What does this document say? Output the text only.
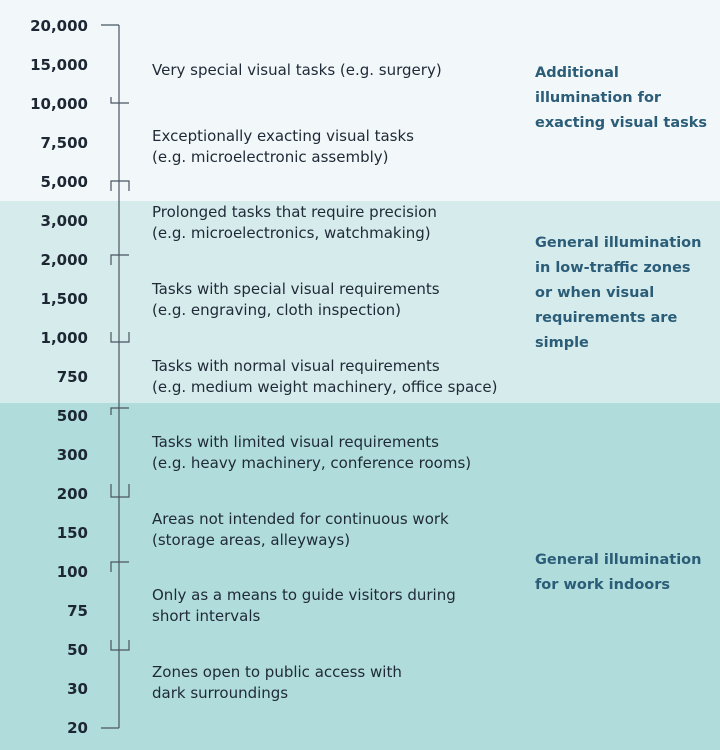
20,000
15,000
10,000
7,500
5,000
3,000
2,000
1,500
1,000
750
500
300
200
150
100
75
50
30
20
Very special visual tasks (e.g. surgery)
Exceptionally exacting visual tasks
(e.g. microelectronic assembly)
Prolonged tasks that require precision
(e.g. microelectronics, watchmaking)
Tasks with special visual requirements
(e.g. engraving, cloth inspection)
Tasks with normal visual requirements
(e.g. medium weight machinery, office space)
Tasks with limited visual requirements
(e.g. heavy machinery, conference rooms)
Areas not intended for continuous work
(storage areas, alleyways)
Only as a means to guide visitors during
short intervals
Zones open to public access with
dark surroundings
Additional
illumination for
exacting visual tasks
General illumination
in low-traffic zones
or when visual
requirements are
simple
General illumination
for work indoors
